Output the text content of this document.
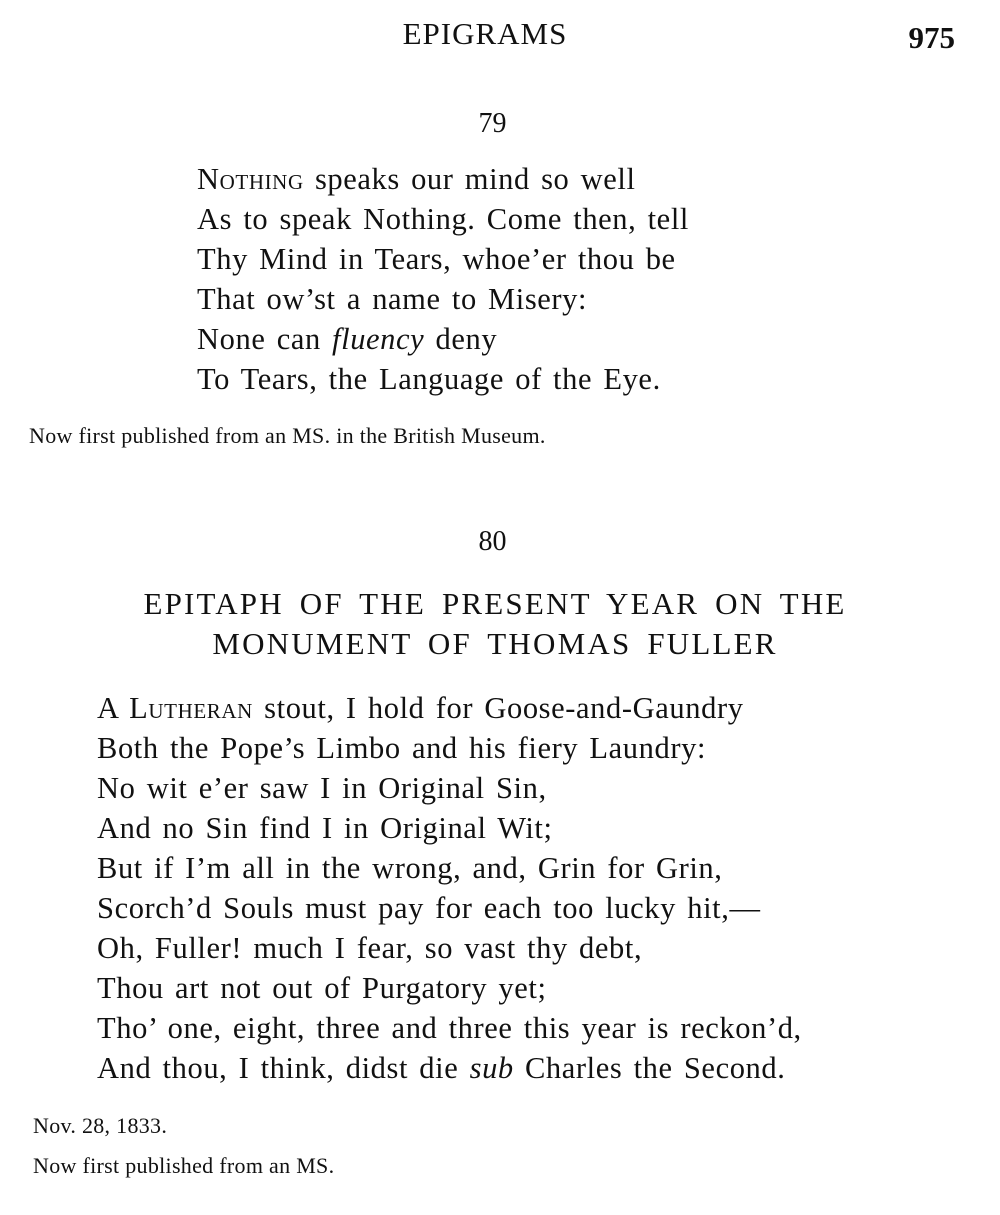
EPIGRAMS	975
79
Nothing speaks our mind so well
As to speak Nothing. Come then, tell
Thy Mind in Tears, whoe’er thou be
That ow’st a name to Misery:
None can fluency deny
To Tears, the Language of the Eye.
Now first published from an MS. in the British Museum.
80
EPITAPH OF THE PRESENT YEAR ON THE
MONUMENT OF THOMAS FULLER
A Lutheran stout, I hold for Goose-and-Gaundry
Both the Pope’s Limbo and his fiery Laundry:
No wit e’er saw I in Original Sin,
And no Sin find I in Original Wit;
But if I’m all in the wrong, and, Grin for Grin,
Scorch’d Souls must pay for each too lucky hit,—
Oh, Fuller! much I fear, so vast thy debt,
Thou art not out of Purgatory yet;
Tho’ one, eight, three and three this year is reckon’d,
And thou, I think, didst die sub Charles the Second.
Nov. 28, 1833.
Now first published from an MS.
